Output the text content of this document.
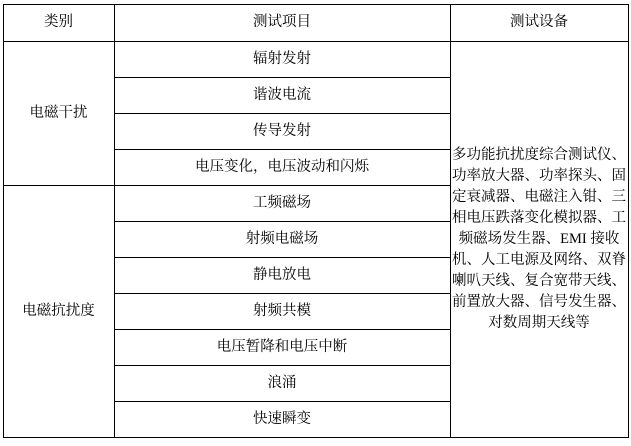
类别	测试项目	测试设备
电磁干扰	辐射发射	多功能抗扰度综合测试仪、功率放大器、功率探头、固定衰减器、电磁注入钳、三相电压跌落变化模拟器、工频磁场发生器、EMI 接收机、人工电源及网络、双脊喇叭天线、复合宽带天线、前置放大器、信号发生器、对数周期天线等

	谐波电流	
	传导发射	
	电压变化，电压波动和闪烁	
电磁抗扰度	工频磁场	
	射频电磁场	
	静电放电	
	射频共模	
	电压暂降和电压中断	
	浪涌	
	快速瞬变	
